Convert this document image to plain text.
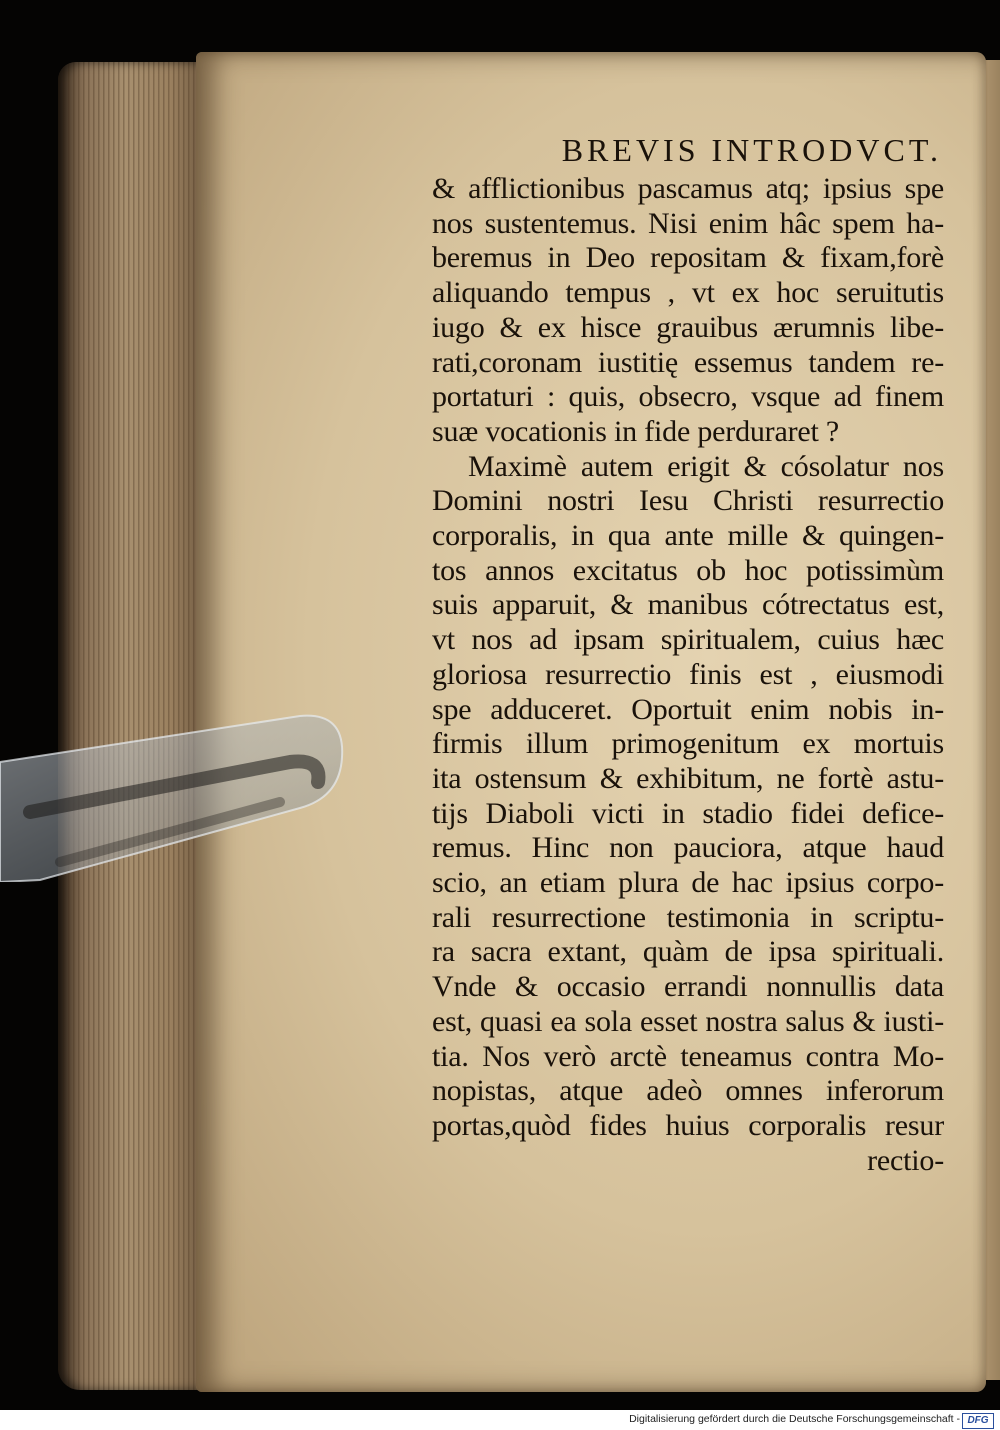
BREVIS INTRODVCT.
& afflictionibus pascamus atq; ipsius spe
nos sustentemus. Nisi enim hâc spem ha-
beremus in Deo repositam & fixam,forè
aliquando tempus , vt ex hoc seruitutis
iugo & ex hisce grauibus ærumnis libe-
rati,coronam iustitię essemus tandem re-
portaturi : quis, obsecro, vsque ad finem
suæ vocationis in fide perduraret ?
Maximè autem erigit & cósolatur nos
Domini nostri Iesu Christi resurrectio
corporalis, in qua ante mille & quingen-
tos annos excitatus ob hoc potissimùm
suis apparuit, & manibus cótrectatus est,
vt nos ad ipsam spiritualem, cuius hæc
gloriosa resurrectio finis est , eiusmodi
spe adduceret. Oportuit enim nobis in-
firmis illum primogenitum ex mortuis
ita ostensum & exhibitum, ne fortè astu-
tijs Diaboli victi in stadio fidei defice-
remus. Hinc non pauciora, atque haud
scio, an etiam plura de hac ipsius corpo-
rali resurrectione testimonia in scriptu-
ra sacra extant, quàm de ipsa spirituali.
Vnde & occasio errandi nonnullis data
est, quasi ea sola esset nostra salus & iusti-
tia. Nos verò arctè teneamus contra Mo-
nopistas, atque adeò omnes inferorum
portas,quòd fides huius corporalis resur
rectio-
Digitalisierung gefördert durch die Deutsche Forschungsgemeinschaft - DFG
